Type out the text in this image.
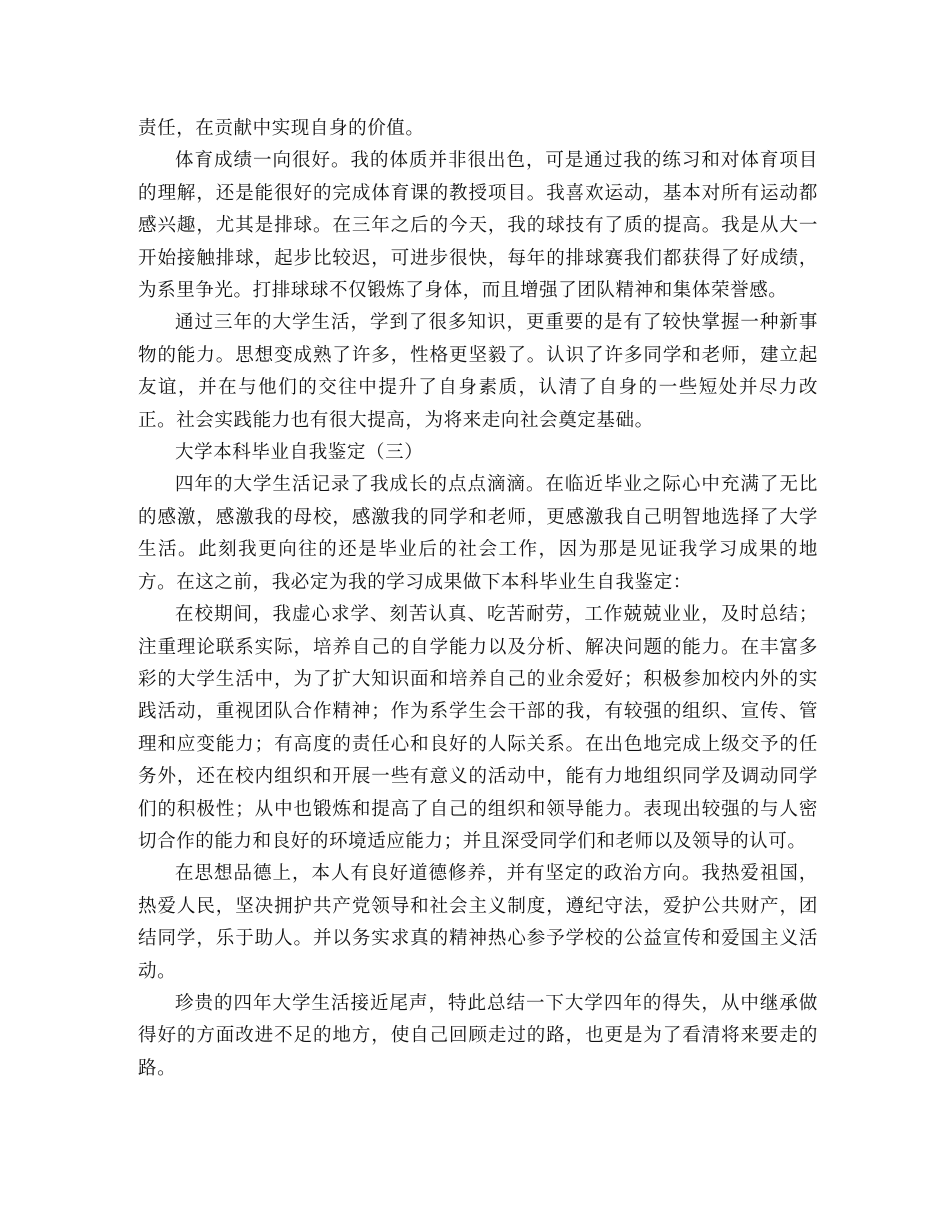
责任，在贡献中实现自身的价值。

体育成绩一向很好。我的体质并非很出色，可是通过我的练习和对体育项目的理解，还是能很好的完成体育课的教授项目。我喜欢运动，基本对所有运动都感兴趣，尤其是排球。在三年之后的今天，我的球技有了质的提高。我是从大一开始接触排球，起步比较迟，可进步很快，每年的排球赛我们都获得了好成绩，为系里争光。打排球球不仅锻炼了身体，而且增强了团队精神和集体荣誉感。

通过三年的大学生活，学到了很多知识，更重要的是有了较快掌握一种新事物的能力。思想变成熟了许多，性格更坚毅了。认识了许多同学和老师，建立起友谊，并在与他们的交往中提升了自身素质，认清了自身的一些短处并尽力改正。社会实践能力也有很大提高，为将来走向社会奠定基础。

大学本科毕业自我鉴定（三）

四年的大学生活记录了我成长的点点滴滴。在临近毕业之际心中充满了无比的感激，感激我的母校，感激我的同学和老师，更感激我自己明智地选择了大学生活。此刻我更向往的还是毕业后的社会工作，因为那是见证我学习成果的地方。在这之前，我必定为我的学习成果做下本科毕业生自我鉴定：

在校期间，我虚心求学、刻苦认真、吃苦耐劳，工作兢兢业业，及时总结；注重理论联系实际，培养自己的自学能力以及分析、解决问题的能力。在丰富多彩的大学生活中，为了扩大知识面和培养自己的业余爱好；积极参加校内外的实践活动，重视团队合作精神；作为系学生会干部的我，有较强的组织、宣传、管理和应变能力；有高度的责任心和良好的人际关系。在出色地完成上级交予的任务外，还在校内组织和开展一些有意义的活动中，能有力地组织同学及调动同学们的积极性；从中也锻炼和提高了自己的组织和领导能力。表现出较强的与人密切合作的能力和良好的环境适应能力；并且深受同学们和老师以及领导的认可。

在思想品德上，本人有良好道德修养，并有坚定的政治方向。我热爱祖国，热爱人民，坚决拥护共产党领导和社会主义制度，遵纪守法，爱护公共财产，团结同学，乐于助人。并以务实求真的精神热心参予学校的公益宣传和爱国主义活动。

珍贵的四年大学生活接近尾声，特此总结一下大学四年的得失，从中继承做得好的方面改进不足的地方，使自己回顾走过的路，也更是为了看清将来要走的路。
